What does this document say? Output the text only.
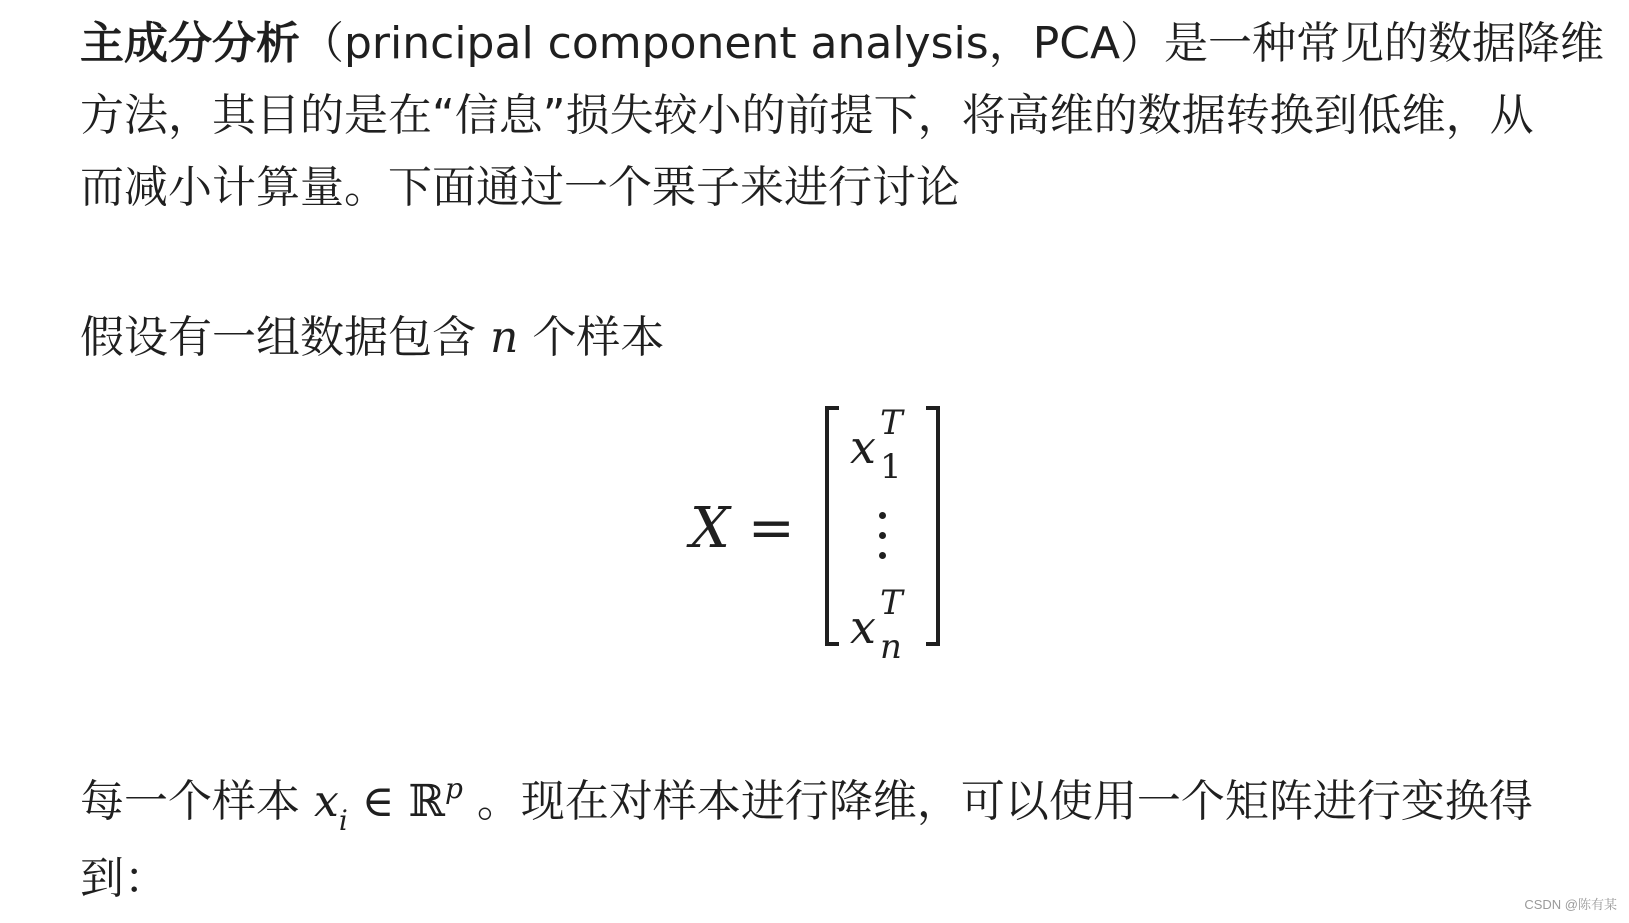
主成分分析（principal component analysis，PCA）是一种常见的数据降维
方法，其目的是在“信息”损失较小的前提下，将高维的数据转换到低维，从
而减小计算量。下面通过一个栗子来进行讨论
假设有一组数据包含 n 个样本
每一个样本 $x_i$ ∈ ℝ$^p$ 。现在对样本进行降维，可以使用一个矩阵进行变换得
到：
X =
x T
1
x T
n
CSDN @陈有某
